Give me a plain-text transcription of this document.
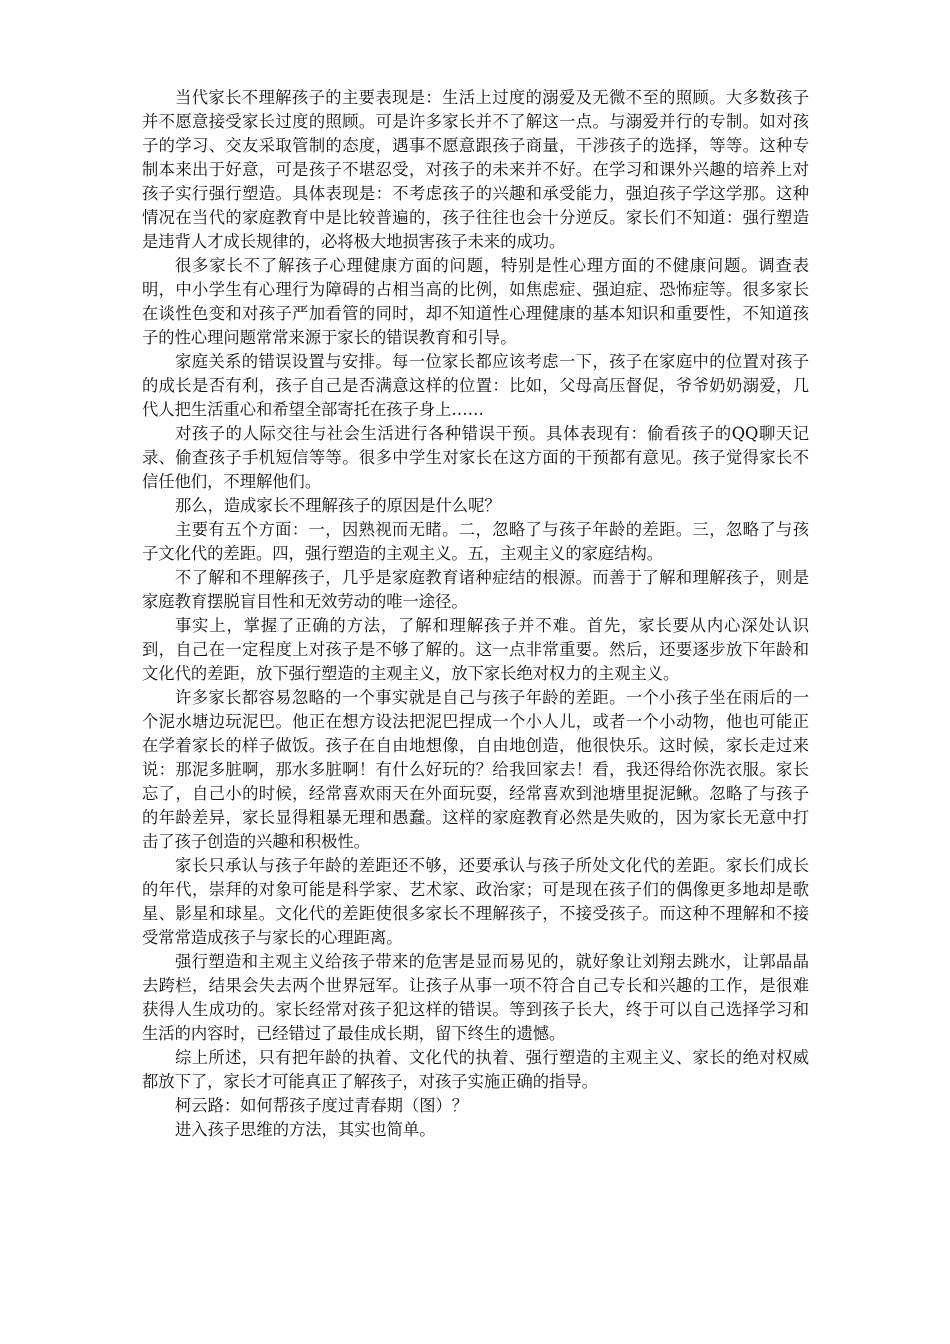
当代家长不理解孩子的主要表现是：生活上过度的溺爱及无微不至的照顾。大多数孩子并不愿意接受家长过度的照顾。可是许多家长并不了解这一点。与溺爱并行的专制。如对孩子的学习、交友采取管制的态度，遇事不愿意跟孩子商量，干涉孩子的选择，等等。这种专制本来出于好意，可是孩子不堪忍受，对孩子的未来并不好。在学习和课外兴趣的培养上对孩子实行强行塑造。具体表现是：不考虑孩子的兴趣和承受能力，强迫孩子学这学那。这种情况在当代的家庭教育中是比较普遍的，孩子往往也会十分逆反。家长们不知道：强行塑造是违背人才成长规律的，必将极大地损害孩子未来的成功。

很多家长不了解孩子心理健康方面的问题，特别是性心理方面的不健康问题。调查表明，中小学生有心理行为障碍的占相当高的比例，如焦虑症、强迫症、恐怖症等。很多家长在谈性色变和对孩子严加看管的同时，却不知道性心理健康的基本知识和重要性，不知道孩子的性心理问题常常来源于家长的错误教育和引导。

家庭关系的错误设置与安排。每一位家长都应该考虑一下，孩子在家庭中的位置对孩子的成长是否有利，孩子自己是否满意这样的位置：比如，父母高压督促，爷爷奶奶溺爱，几代人把生活重心和希望全部寄托在孩子身上……

对孩子的人际交往与社会生活进行各种错误干预。具体表现有：偷看孩子的QQ聊天记录、偷查孩子手机短信等等。很多中学生对家长在这方面的干预都有意见。孩子觉得家长不信任他们，不理解他们。

那么，造成家长不理解孩子的原因是什么呢？

主要有五个方面：一，因熟视而无睹。二，忽略了与孩子年龄的差距。三，忽略了与孩子文化代的差距。四，强行塑造的主观主义。五，主观主义的家庭结构。

不了解和不理解孩子，几乎是家庭教育诸种症结的根源。而善于了解和理解孩子，则是家庭教育摆脱盲目性和无效劳动的唯一途径。

事实上，掌握了正确的方法，了解和理解孩子并不难。首先，家长要从内心深处认识到，自己在一定程度上对孩子是不够了解的。这一点非常重要。然后，还要逐步放下年龄和文化代的差距，放下强行塑造的主观主义，放下家长绝对权力的主观主义。

许多家长都容易忽略的一个事实就是自己与孩子年龄的差距。一个小孩子坐在雨后的一个泥水塘边玩泥巴。他正在想方设法把泥巴捏成一个小人儿，或者一个小动物，他也可能正在学着家长的样子做饭。孩子在自由地想像，自由地创造，他很快乐。这时候，家长走过来说：那泥多脏啊，那水多脏啊！有什么好玩的？给我回家去！看，我还得给你洗衣服。家长忘了，自己小的时候，经常喜欢雨天在外面玩耍，经常喜欢到池塘里捉泥鳅。忽略了与孩子的年龄差异，家长显得粗暴无理和愚蠢。这样的家庭教育必然是失败的，因为家长无意中打击了孩子创造的兴趣和积极性。

家长只承认与孩子年龄的差距还不够，还要承认与孩子所处文化代的差距。家长们成长的年代，崇拜的对象可能是科学家、艺术家、政治家；可是现在孩子们的偶像更多地却是歌星、影星和球星。文化代的差距使很多家长不理解孩子，不接受孩子。而这种不理解和不接受常常造成孩子与家长的心理距离。

强行塑造和主观主义给孩子带来的危害是显而易见的，就好象让刘翔去跳水，让郭晶晶去跨栏，结果会失去两个世界冠军。让孩子从事一项不符合自己专长和兴趣的工作，是很难获得人生成功的。家长经常对孩子犯这样的错误。等到孩子长大，终于可以自己选择学习和生活的内容时，已经错过了最佳成长期，留下终生的遗憾。

综上所述，只有把年龄的执着、文化代的执着、强行塑造的主观主义、家长的绝对权威都放下了，家长才可能真正了解孩子，对孩子实施正确的指导。

柯云路：如何帮孩子度过青春期（图）？

进入孩子思维的方法，其实也简单。
